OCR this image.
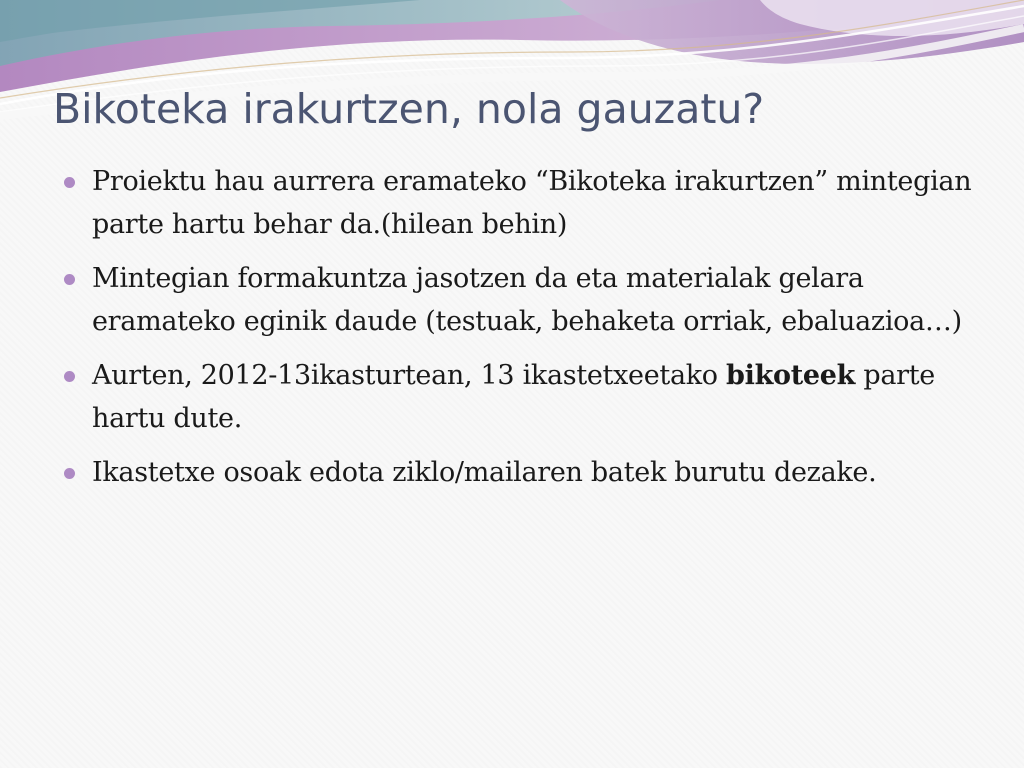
Bikoteka irakurtzen, nola gauzatu?
Proiektu hau aurrera eramateko “Bikoteka irakurtzen” mintegian parte hartu behar da.(hilean behin)
Mintegian formakuntza jasotzen da eta materialak gelara eramateko eginik daude (testuak, behaketa orriak, ebaluazioa…)
Aurten, 2012-13ikasturtean, 13 ikastetxeetako bikoteek parte hartu dute.
Ikastetxe osoak edota ziklo/mailaren batek burutu dezake.
